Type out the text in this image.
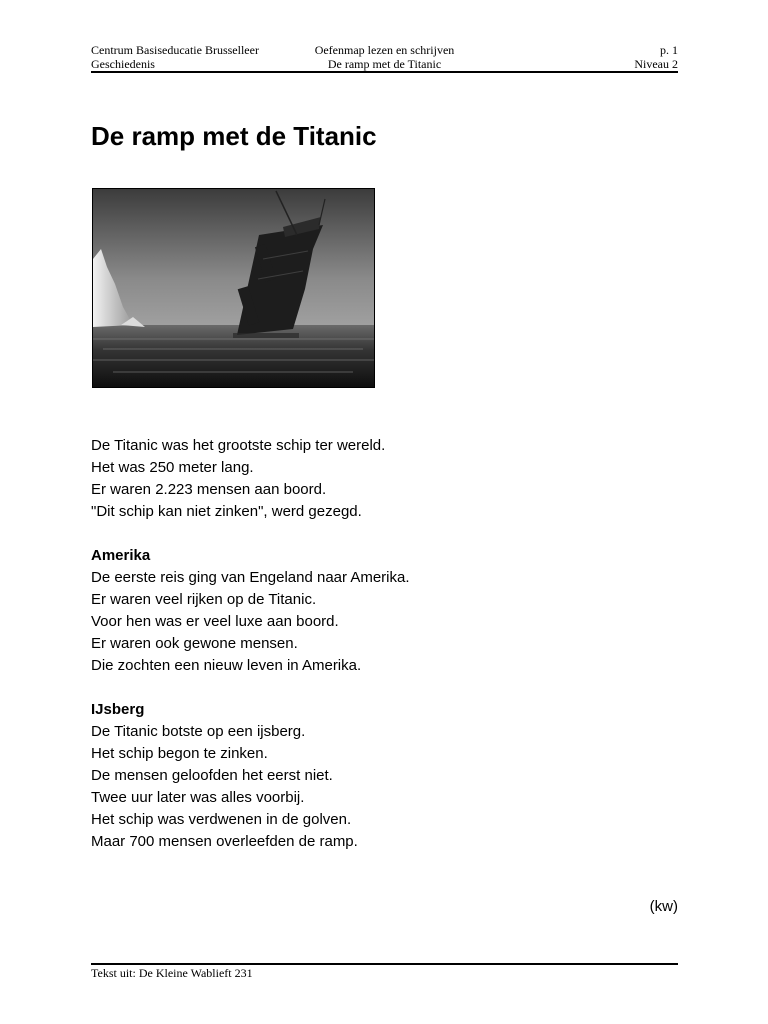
Centrum Basiseducatie Brusselleer	Oefenmap lezen en schrijven	p. 1
Geschiedenis	De ramp met de Titanic	Niveau 2
De ramp met de Titanic

De Titanic was het grootste schip ter wereld.
Het was 250 meter lang.
Er waren 2.223 mensen aan boord.
"Dit schip kan niet zinken", werd gezegd.

Amerika
De eerste reis ging van Engeland naar Amerika.
Er waren veel rijken op de Titanic.
Voor hen was er veel luxe aan boord.
Er waren ook gewone mensen.
Die zochten een nieuw leven in Amerika.

IJsberg
De Titanic botste op een ijsberg.
Het schip begon te zinken.
De mensen geloofden het eerst niet.
Twee uur later was alles voorbij.
Het schip was verdwenen in de golven.
Maar 700 mensen overleefden de ramp.

(kw)
Tekst uit: De Kleine Wablieft 231
